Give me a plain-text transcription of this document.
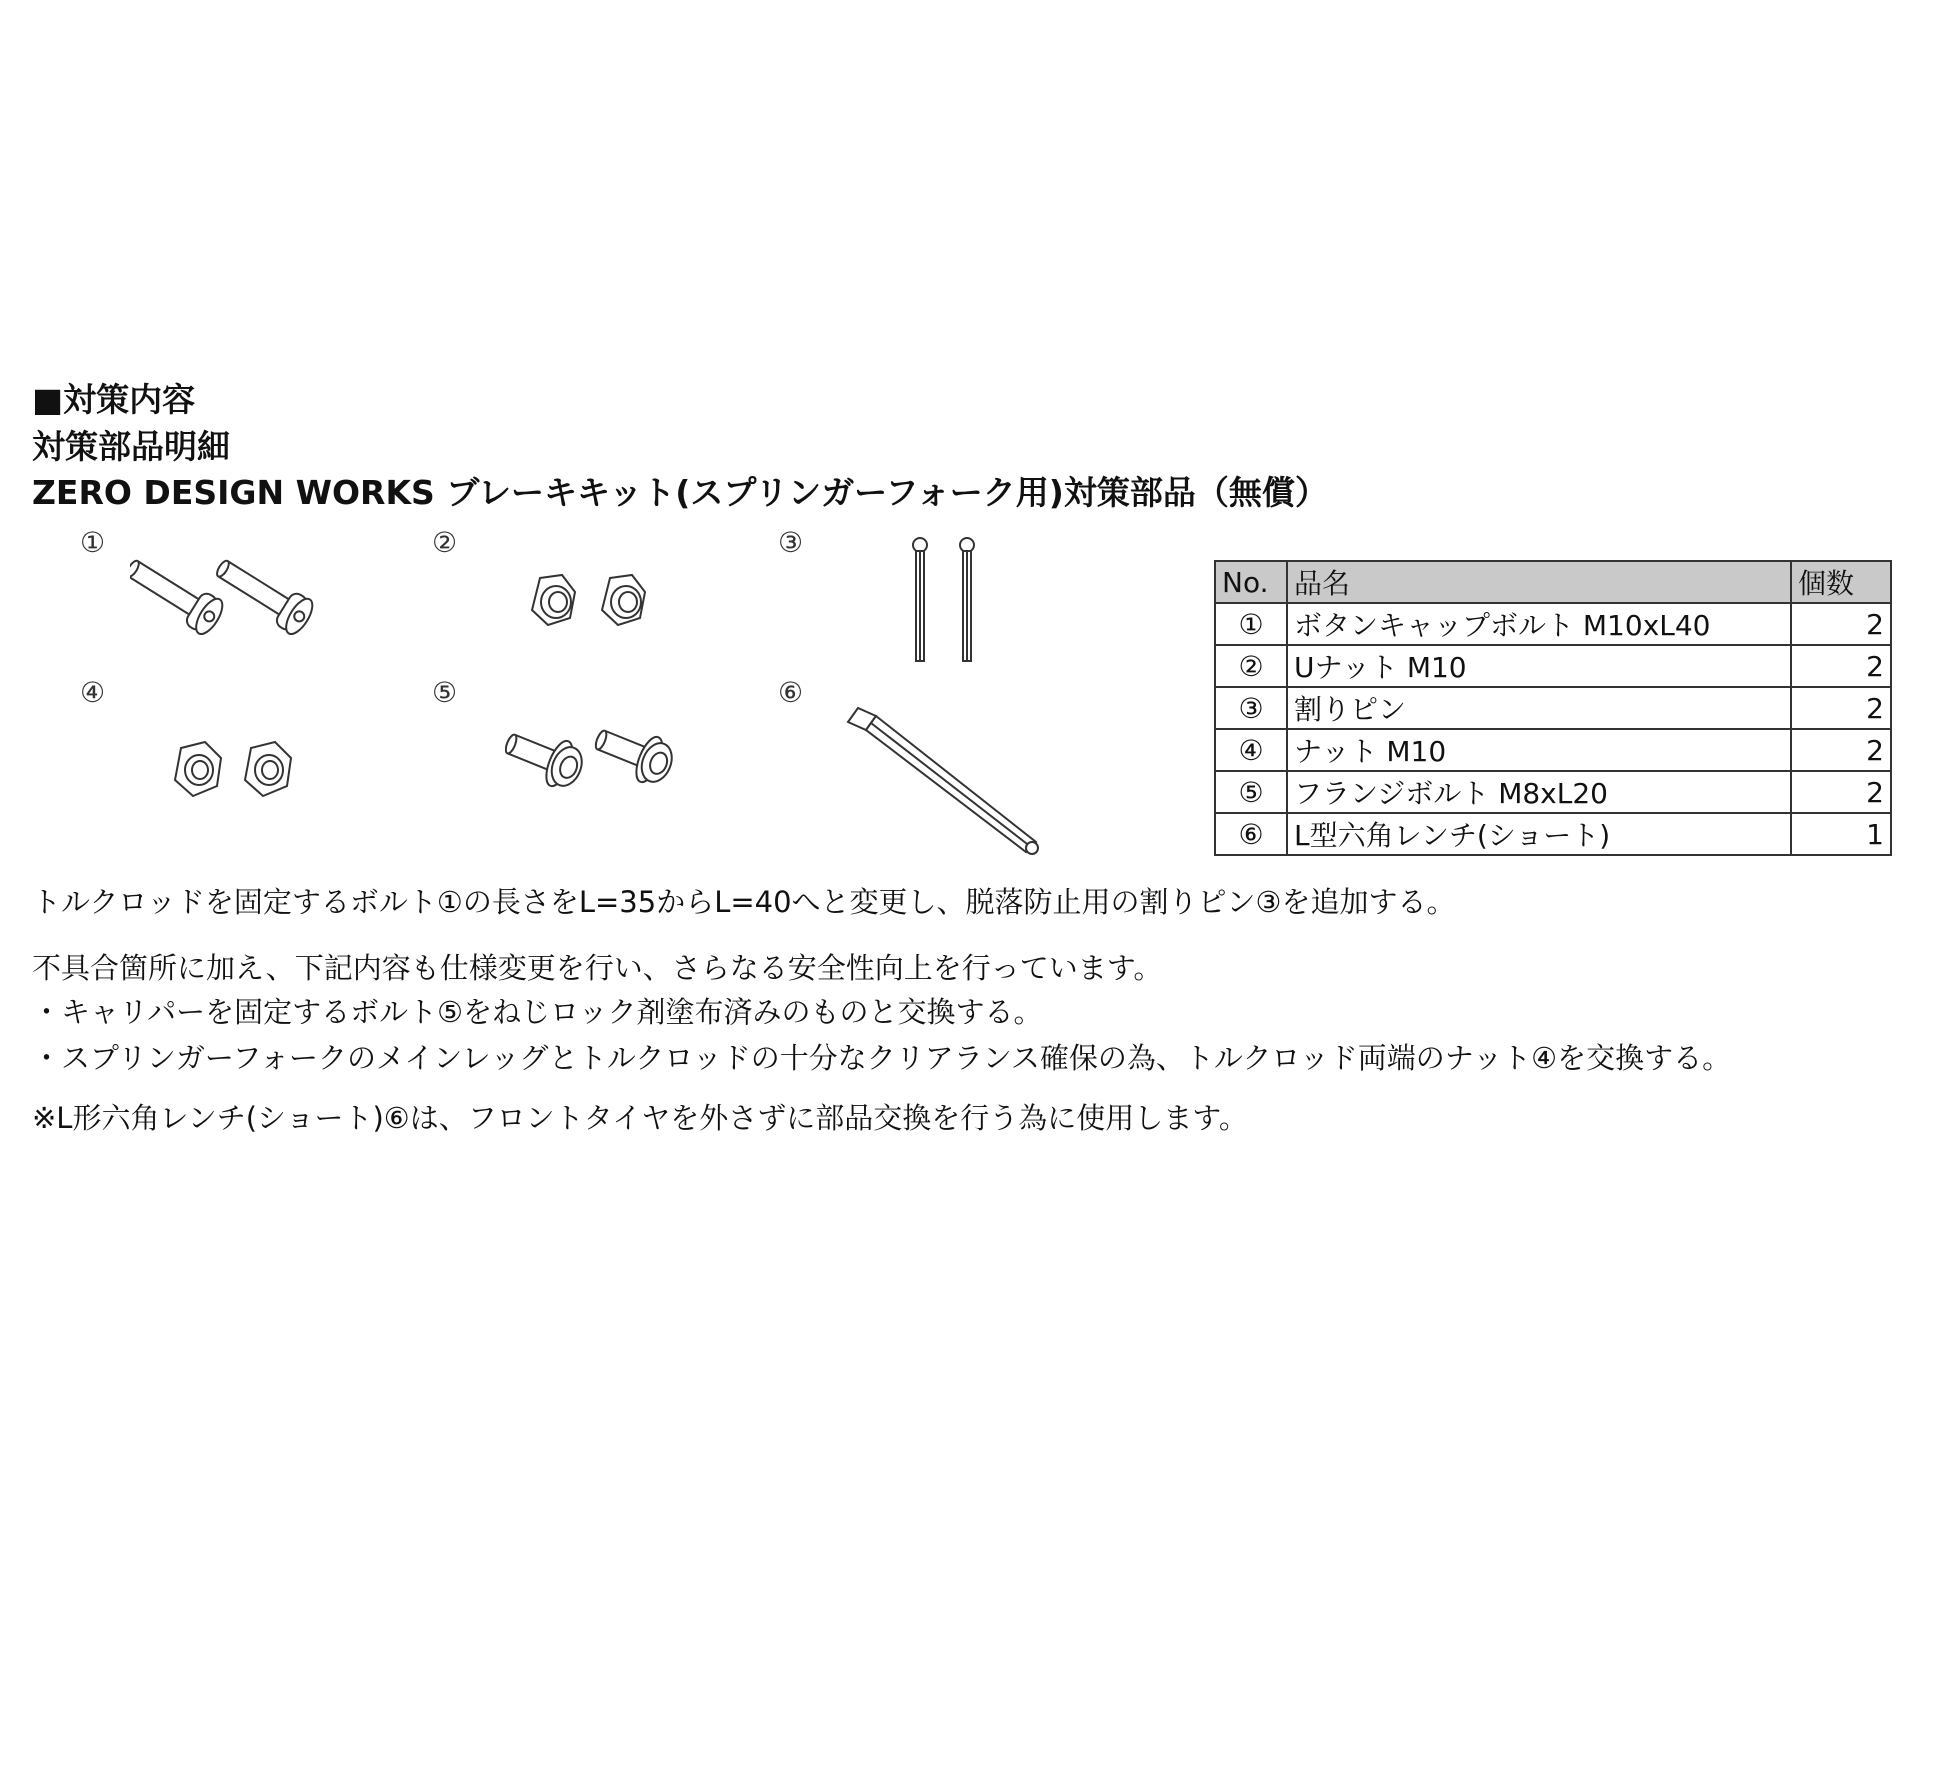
■対策内容
対策部品明細
ZERO DESIGN WORKS ブレーキキット(スプリンガーフォーク用)対策部品（無償）
①	②	③
④	⑤	⑥
No.	品名	個数
①	ボタンキャップボルト M10xL40	2
②	Uナット M10	2
③	割りピン	2
④	ナット M10	2
⑤	フランジボルト M8xL20	2
⑥	L型六角レンチ(ショート)	1
トルクロッドを固定するボルト①の長さをL=35からL=40へと変更し、脱落防止用の割りピン③を追加する。
不具合箇所に加え、下記内容も仕様変更を行い、さらなる安全性向上を行っています。
・キャリパーを固定するボルト⑤をねじロック剤塗布済みのものと交換する。
・スプリンガーフォークのメインレッグとトルクロッドの十分なクリアランス確保の為、トルクロッド両端のナット④を交換する。
※L形六角レンチ(ショート)⑥は、フロントタイヤを外さずに部品交換を行う為に使用します。
